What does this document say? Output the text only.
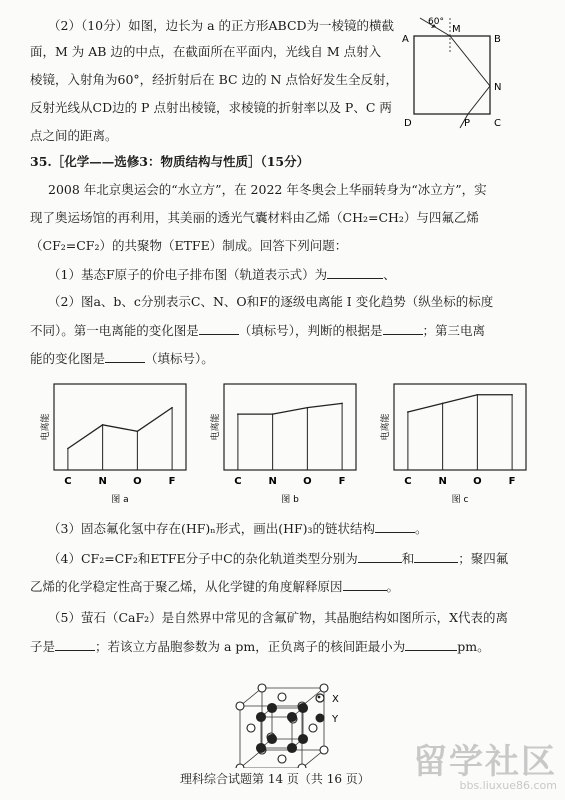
（2）（10分）如图，边长为 a 的正方形ABCD为一棱镜的横截
面，M 为 AB 边的中点，在截面所在平面内，光线自 M 点射入
棱镜，入射角为60°，经折射后在 BC 边的 N 点恰好发生全反射，
反射光线从CD边的 P 点射出棱镜，求棱镜的折射率以及 P、C 两
点之间的距离。
60°
A
M
B
N
D	P C
35.［化学——选修3：物质结构与性质］（15分）
2008 年北京奥运会的“水立方”，在 2022 年冬奥会上华丽转身为“冰立方”，实
现了奥运场馆的再利用，其美丽的透光气囊材料由乙烯（CH₂=CH₂）与四氟乙烯
（CF₂=CF₂）的共聚物（ETFE）制成。回答下列问题：
（1）基态F原子的价电子排布图（轨道表示式）为	、
（2）图a、b、c分别表示C、N、O和F的逐级电离能 I 变化趋势（纵坐标的标度
不同）。第一电离能的变化图是	（填标号），判断的根据是	；第三电离
能的变化图是	（填标号）。
C	N	O	F
电离能
图 a
C	N	O	F
电离能
图 b
C	N	O	F
电离能
图 c
（3）固态氟化氢中存在(HF)ₙ形式，画出(HF)₃的链状结构	。
（4）CF₂=CF₂和ETFE分子中C的杂化轨道类型分别为	和	；聚四氟
乙烯的化学稳定性高于聚乙烯，从化学键的角度解释原因	。
（5）萤石（CaF₂）是自然界中常见的含氟矿物，其晶胞结构如图所示，X代表的离
子是	；若该立方晶胞参数为 a pm，正负离子的核间距最小为	pm。
X
Y
理科综合试题第 14 页（共 16 页） 留学社区
bbs.liuxue86.com
